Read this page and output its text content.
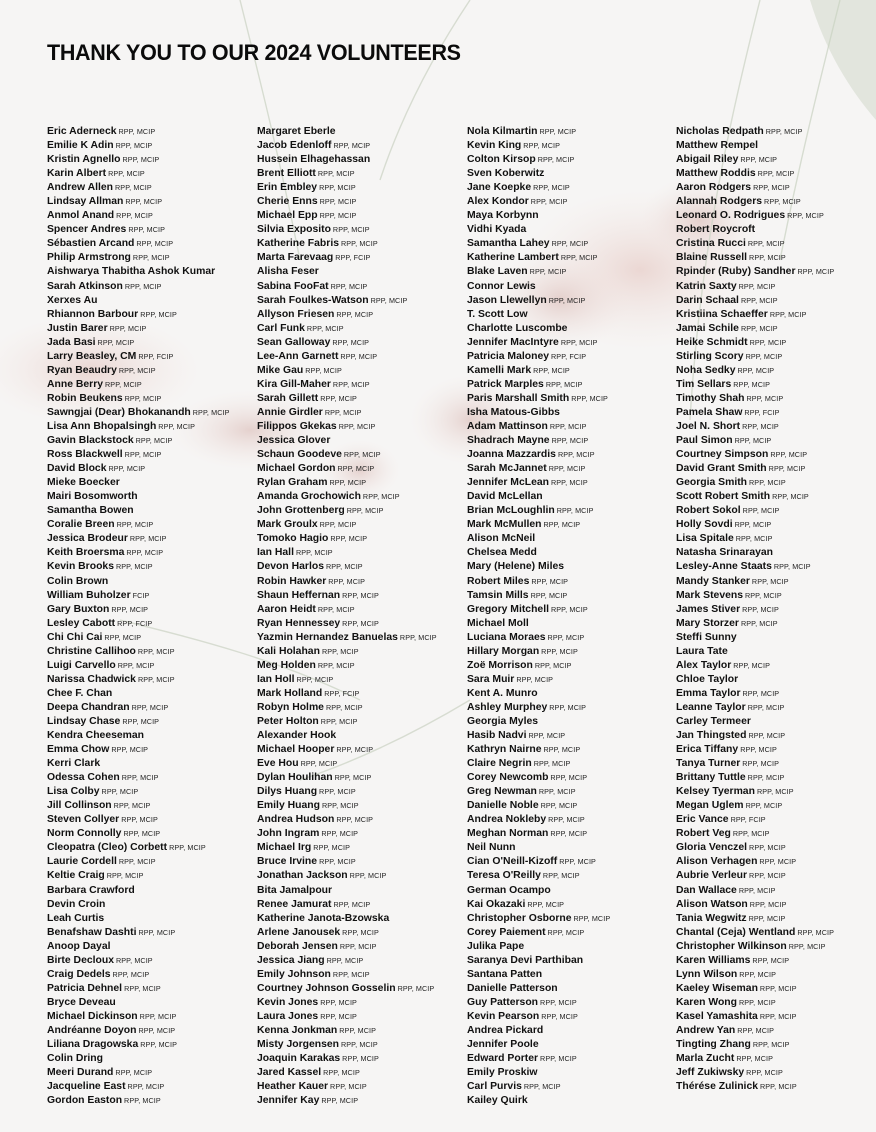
THANK YOU TO OUR 2024 VOLUNTEERS
Eric Aderneck RPP, MCIP
Emilie K Adin RPP, MCIP
Kristin Agnello RPP, MCIP
Karin Albert RPP, MCIP
Andrew Allen RPP, MCIP
Lindsay Allman RPP, MCIP
Anmol Anand RPP, MCIP
Spencer Andres RPP, MCIP
Sébastien Arcand RPP, MCIP
Philip Armstrong RPP, MCIP
Aishwarya Thabitha Ashok Kumar
Sarah Atkinson RPP, MCIP
Xerxes Au
Rhiannon Barbour RPP, MCIP
Justin Barer RPP, MCIP
Jada Basi RPP, MCIP
Larry Beasley, CM RPP, FCIP
Ryan Beaudry RPP, MCIP
Anne Berry RPP, MCIP
Robin Beukens RPP, MCIP
Sawngjai (Dear) Bhokanandh RPP, MCIP
Lisa Ann Bhopalsingh RPP, MCIP
Gavin Blackstock RPP, MCIP
Ross Blackwell RPP, MCIP
David Block RPP, MCIP
Mieke Boecker
Mairi Bosomworth
Samantha Bowen
Coralie Breen RPP, MCIP
Jessica Brodeur RPP, MCIP
Keith Broersma RPP, MCIP
Kevin Brooks RPP, MCIP
Colin Brown
William Buholzer FCIP
Gary Buxton RPP, MCIP
Lesley Cabott RPP, FCIP
Chi Chi Cai RPP, MCIP
Christine Callihoo RPP, MCIP
Luigi Carvello RPP, MCIP
Narissa Chadwick RPP, MCIP
Chee F. Chan
Deepa Chandran RPP, MCIP
Lindsay Chase RPP, MCIP
Kendra Cheeseman
Emma Chow RPP, MCIP
Kerri Clark
Odessa Cohen RPP, MCIP
Lisa Colby RPP, MCIP
Jill Collinson RPP, MCIP
Steven Collyer RPP, MCIP
Norm Connolly RPP, MCIP
Cleopatra (Cleo) Corbett RPP, MCIP
Laurie Cordell RPP, MCIP
Keltie Craig RPP, MCIP
Barbara Crawford
Devin Croin
Leah Curtis
Benafshaw Dashti RPP, MCIP
Anoop Dayal
Birte Decloux RPP, MCIP
Craig Dedels RPP, MCIP
Patricia Dehnel RPP, MCIP
Bryce Deveau
Michael Dickinson RPP, MCIP
Andréanne Doyon RPP, MCIP
Liliana Dragowska RPP, MCIP
Colin Dring
Meeri Durand RPP, MCIP
Jacqueline East RPP, MCIP
Gordon Easton RPP, MCIP
Margaret Eberle
Jacob Edenloff RPP, MCIP
Hussein Elhagehassan
Brent Elliott RPP, MCIP
Erin Embley RPP, MCIP
Cherie Enns RPP, MCIP
Michael Epp RPP, MCIP
Silvia Exposito RPP, MCIP
Katherine Fabris RPP, MCIP
Marta Farevaag RPP, FCIP
Alisha Feser
Sabina FooFat RPP, MCIP
Sarah Foulkes-Watson RPP, MCIP
Allyson Friesen RPP, MCIP
Carl Funk RPP, MCIP
Sean Galloway RPP, MCIP
Lee-Ann Garnett RPP, MCIP
Mike Gau RPP, MCIP
Kira Gill-Maher RPP, MCIP
Sarah Gillett RPP, MCIP
Annie Girdler RPP, MCIP
Filippos Gkekas RPP, MCIP
Jessica Glover
Schaun Goodeve RPP, MCIP
Michael Gordon RPP, MCIP
Rylan Graham RPP, MCIP
Amanda Grochowich RPP, MCIP
John Grottenberg RPP, MCIP
Mark Groulx RPP, MCIP
Tomoko Hagio RPP, MCIP
Ian Hall RPP, MCIP
Devon Harlos RPP, MCIP
Robin Hawker RPP, MCIP
Shaun Heffernan RPP, MCIP
Aaron Heidt RPP, MCIP
Ryan Hennessey RPP, MCIP
Yazmin Hernandez Banuelas RPP, MCIP
Kali Holahan RPP, MCIP
Meg Holden RPP, MCIP
Ian Holl RPP, MCIP
Mark Holland RPP, FCIP
Robyn Holme RPP, MCIP
Peter Holton RPP, MCIP
Alexander Hook
Michael Hooper RPP, MCIP
Eve Hou RPP, MCIP
Dylan Houlihan RPP, MCIP
Dilys Huang RPP, MCIP
Emily Huang RPP, MCIP
Andrea Hudson RPP, MCIP
John Ingram RPP, MCIP
Michael Irg RPP, MCIP
Bruce Irvine RPP, MCIP
Jonathan Jackson RPP, MCIP
Bita Jamalpour
Renee Jamurat RPP, MCIP
Katherine Janota-Bzowska
Arlene Janousek RPP, MCIP
Deborah Jensen RPP, MCIP
Jessica Jiang RPP, MCIP
Emily Johnson RPP, MCIP
Courtney Johnson Gosselin RPP, MCIP
Kevin Jones RPP, MCIP
Laura Jones RPP, MCIP
Kenna Jonkman RPP, MCIP
Misty Jorgensen RPP, MCIP
Joaquin Karakas RPP, MCIP
Jared Kassel RPP, MCIP
Heather Kauer RPP, MCIP
Jennifer Kay RPP, MCIP
Nola Kilmartin RPP, MCIP
Kevin King RPP, MCIP
Colton Kirsop RPP, MCIP
Sven Koberwitz
Jane Koepke RPP, MCIP
Alex Kondor RPP, MCIP
Maya Korbynn
Vidhi Kyada
Samantha Lahey RPP, MCIP
Katherine Lambert RPP, MCIP
Blake Laven RPP, MCIP
Connor Lewis
Jason Llewellyn RPP, MCIP
T. Scott Low
Charlotte Luscombe
Jennifer MacIntyre RPP, MCIP
Patricia Maloney RPP, FCIP
Kamelli Mark RPP, MCIP
Patrick Marples RPP, MCIP
Paris Marshall Smith RPP, MCIP
Isha Matous-Gibbs
Adam Mattinson RPP, MCIP
Shadrach Mayne RPP, MCIP
Joanna Mazzardis RPP, MCIP
Sarah McJannet RPP, MCIP
Jennifer McLean RPP, MCIP
David McLellan
Brian McLoughlin RPP, MCIP
Mark McMullen RPP, MCIP
Alison McNeil
Chelsea Medd
Mary (Helene) Miles
Robert Miles RPP, MCIP
Tamsin Mills RPP, MCIP
Gregory Mitchell RPP, MCIP
Michael Moll
Luciana Moraes RPP, MCIP
Hillary Morgan RPP, MCIP
Zoë Morrison RPP, MCIP
Sara Muir RPP, MCIP
Kent A. Munro
Ashley Murphey RPP, MCIP
Georgia Myles
Hasib Nadvi RPP, MCIP
Kathryn Nairne RPP, MCIP
Claire Negrin RPP, MCIP
Corey Newcomb RPP, MCIP
Greg Newman RPP, MCIP
Danielle Noble RPP, MCIP
Andrea Nokleby RPP, MCIP
Meghan Norman RPP, MCIP
Neil Nunn
Cian O'Neill-Kizoff RPP, MCIP
Teresa O'Reilly RPP, MCIP
German Ocampo
Kai Okazaki RPP, MCIP
Christopher Osborne RPP, MCIP
Corey Paiement RPP, MCIP
Julika Pape
Saranya Devi Parthiban
Santana Patten
Danielle Patterson
Guy Patterson RPP, MCIP
Kevin Pearson RPP, MCIP
Andrea Pickard
Jennifer Poole
Edward Porter RPP, MCIP
Emily Proskiw
Carl Purvis RPP, MCIP
Kailey Quirk
Nicholas Redpath RPP, MCIP
Matthew Rempel
Abigail Riley RPP, MCIP
Matthew Roddis RPP, MCIP
Aaron Rodgers RPP, MCIP
Alannah Rodgers RPP, MCIP
Leonard O. Rodrigues RPP, MCIP
Robert Roycroft
Cristina Rucci RPP, MCIP
Blaine Russell RPP, MCIP
Rpinder (Ruby) Sandher RPP, MCIP
Katrin Saxty RPP, MCIP
Darin Schaal RPP, MCIP
Kristiina Schaeffer RPP, MCIP
Jamai Schile RPP, MCIP
Heike Schmidt RPP, MCIP
Stirling Scory RPP, MCIP
Noha Sedky RPP, MCIP
Tim Sellars RPP, MCIP
Timothy Shah RPP, MCIP
Pamela Shaw RPP, FCIP
Joel N. Short RPP, MCIP
Paul Simon RPP, MCIP
Courtney Simpson RPP, MCIP
David Grant Smith RPP, MCIP
Georgia Smith RPP, MCIP
Scott Robert Smith RPP, MCIP
Robert Sokol RPP, MCIP
Holly Sovdi RPP, MCIP
Lisa Spitale RPP, MCIP
Natasha Srinarayan
Lesley-Anne Staats RPP, MCIP
Mandy Stanker RPP, MCIP
Mark Stevens RPP, MCIP
James Stiver RPP, MCIP
Mary Storzer RPP, MCIP
Steffi Sunny
Laura Tate
Alex Taylor RPP, MCIP
Chloe Taylor
Emma Taylor RPP, MCIP
Leanne Taylor RPP, MCIP
Carley Termeer
Jan Thingsted RPP, MCIP
Erica Tiffany RPP, MCIP
Tanya Turner RPP, MCIP
Brittany Tuttle RPP, MCIP
Kelsey Tyerman RPP, MCIP
Megan Uglem RPP, MCIP
Eric Vance RPP, FCIP
Robert Veg RPP, MCIP
Gloria Venczel RPP, MCIP
Alison Verhagen RPP, MCIP
Aubrie Verleur RPP, MCIP
Dan Wallace RPP, MCIP
Alison Watson RPP, MCIP
Tania Wegwitz RPP, MCIP
Chantal (Ceja) Wentland RPP, MCIP
Christopher Wilkinson RPP, MCIP
Karen Williams RPP, MCIP
Lynn Wilson RPP, MCIP
Kaeley Wiseman RPP, MCIP
Karen Wong RPP, MCIP
Kasel Yamashita RPP, MCIP
Andrew Yan RPP, MCIP
Tingting Zhang RPP, MCIP
Marla Zucht RPP, MCIP
Jeff Zukiwsky RPP, MCIP
Thérése Zulinick RPP, MCIP
